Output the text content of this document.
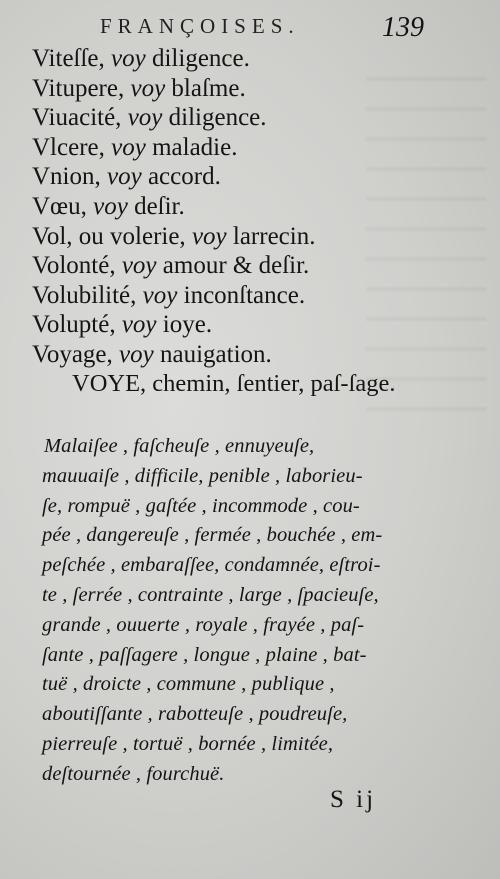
FRANÇOISES.	139
Viteſſe, voy diligence.
Vitupere, voy blaſme.
Viuacité, voy diligence.
Vlcere, voy maladie.
Vnion, voy accord.
Vœu, voy deſir.
Vol, ou volerie, voy larrecin.
Volonté, voy amour & deſir.
Volubilité, voy inconſtance.
Volupté, voy ioye.
Voyage, voy nauigation.

VOYE, chemin, ſentier, paſ-ſage.

Malaiſee , faſcheuſe , ennuyeuſe,
mauuaiſe , difficile, penible , laborieu-
ſe, rompuë , gaſtée , incommode , cou-
pée , dangereuſe , fermée , bouchée , em-
peſchée , embaraſſee, condamnée, eſtroi-
te , ſerrée , contrainte , large , ſpacieuſe,
grande , ouuerte , royale , frayée , paſ-
ſante , paſſagere , longue , plaine , bat-
tuë , droicte , commune , publique ,
aboutiſſante , rabotteuſe , poudreuſe,
pierreuſe , tortuë , bornée , limitée,
deſtournée , fourchuë.
S ij
